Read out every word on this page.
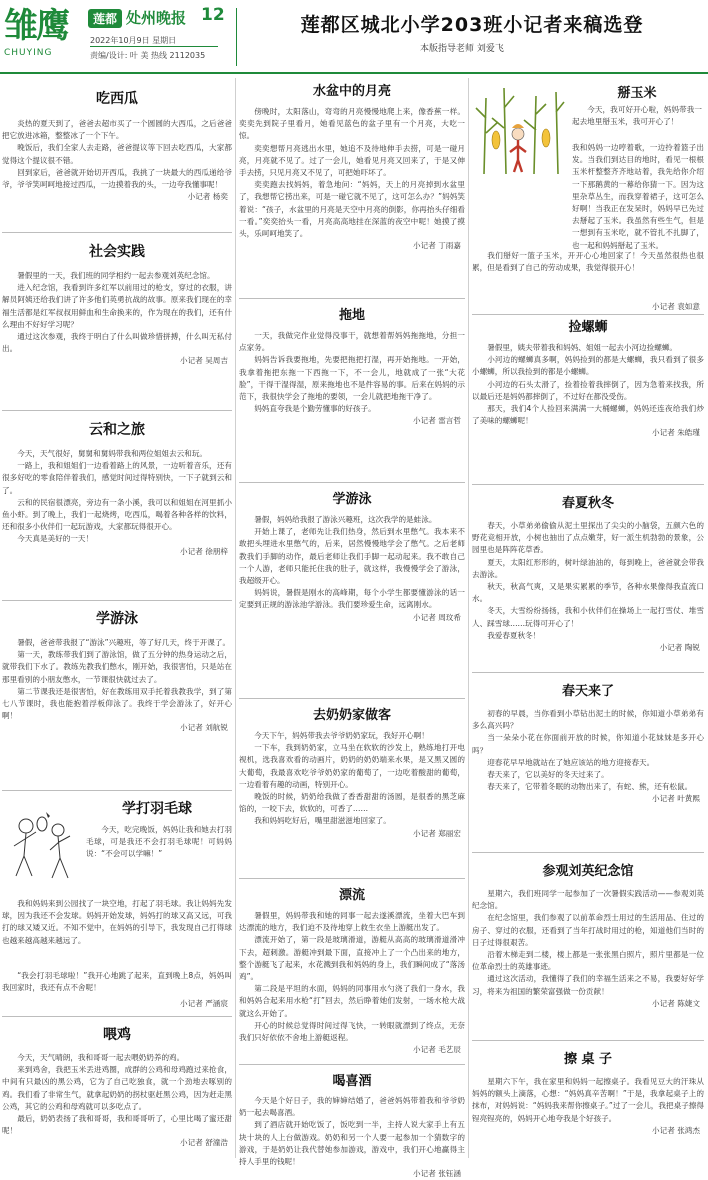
雏鹰
CHUYING
莲都 处州晚报 12
2022年10月9日 星期日
责编/设计: 叶 美 热线 2112035
莲都区城北小学203班小记者来稿选登
本版指导老师 刘爱飞
吃西瓜
炎热的夏天到了，爸爸去超市买了一个圆圆的大西瓜，之后爸爸把它放进冰箱，整整冰了一个下午。
晚饭后，我们全家人去走路，爸爸提议等下回去吃西瓜，大家都觉得这个提议很不错。
回到家后，爸爸就开始切开西瓜，我挑了一块最大的西瓜递给爷爷，爷爷笑呵呵地接过西瓜，一边摸着我的头，一边夸我懂事呢！
小记者 杨奕
社会实践
暑假里的一天，我们班的同学相约一起去参观刘英纪念馆。
进入纪念馆，我看到许多红军以前用过的枪支，穿过的衣服，讲解员阿姨还给我们讲了许多他们英勇抗战的故事。原来我们现在的幸福生活都是红军叔叔用鲜血和生命换来的，作为现在的我们，还有什么理由不好好学习呢？
通过这次参观，我终于明白了什么叫做珍惜拼搏，什么叫无私付出。
小记者 吴周吉
云和之旅
今天，天气很好，舅舅和舅妈带我和两位姐姐去云和玩。
一路上，我和姐姐们一边看着路上的风景，一边听着音乐，还有很多好吃的零食陪伴着我们，感觉时间过得特别快，一下子就到云和了。
云和的民宿很漂亮，旁边有一条小溪，我可以和姐姐在河里抓小鱼小虾。到了晚上，我们一起烧烤，吃西瓜，喝着各种各样的饮料，还和很多小伙伴们一起玩游戏，大家都玩得很开心。
今天真是美好的一天！
小记者 徐朋梓
学游泳
暑假，爸爸带我报了“游泳”兴趣班，等了好几天，终于开课了。
第一天，教练带我们到了游泳馆，做了五分钟的热身运动之后，就带我们下水了。教练先教我们憋水，刚开始，我很害怕，只是站在那里看别的小朋友憋水，一节课很快就过去了。
第二节课我还是很害怕，好在教练用双手托着我教我学，到了第七八节课时，我也能抱着浮板仰泳了。我终于学会游泳了，好开心啊！
小记者 刘航锐
学打羽毛球
今天，吃完晚饭，妈妈让我和她去打羽毛球，可是我还不会打羽毛球呢！可妈妈说：“不会可以学嘛！”
我和妈妈来到公园找了一块空地，打起了羽毛球。我让妈妈先发球，因为我还不会发球。妈妈开始发球，妈妈打的球又高又远，可我打的球又矮又近。不知不觉中，在妈妈的引导下，我发现自己打得球也越来越高越来越远了。
“我会打羽毛球啦！”我开心地跳了起来，直到晚上8点，妈妈叫我回家时，我还有点不舍呢！
小记者 严涵宸
喂鸡
今天，天气晴朗，我和哥哥一起去喂奶奶养的鸡。
来到鸡舍，我把玉米丢进鸡圈，成群的公鸡和母鸡跑过来抢食，中间有只最凶的黑公鸡，它为了自己吃独食，就一个劲地去啄别的鸡。我们看了非常生气，就拿起奶奶的拐杖驱赶黑公鸡，因为赶走黑公鸡，其它的公鸡和母鸡就可以多吃点了。
最后，奶奶表扬了我和哥哥，我和哥哥听了，心里比喝了蜜还甜呢！
小记者 舒潼浩
水盆中的月亮
傍晚时，太阳落山，弯弯的月亮慢慢地爬上来，像香蕉一样。奕奕先到院子里看月，她看见蓝色的盆子里有一个月亮，大吃一惊。
奕奕想帮月亮逃出水里，她追不及待地伸手去捞，可是一碰月亮，月亮就不见了。过了一会儿，她看见月亮又回来了，于是又伸手去捞，只见月亮又不见了，可把她吓坏了。
奕奕跑去找妈妈，着急地问：“妈妈，天上的月亮掉到水盆里了，我想帮它捞出来，可是一碰它就不见了，这可怎么办？”妈妈笑着说：“孩子，水盆里的月亮是天空中月亮的倒影，你再抬头仔细看一看。”奕奕抬头一看，月亮高高地挂在深蓝的夜空中呢！她摸了摸头，乐呵呵地笑了。
小记者 丁雨嘉
拖地
一天，我做完作业觉得没事干，就想着帮妈妈拖拖地，分担一点家务。
妈妈告诉我要拖地，先要把拖把打湿，再开始拖地。一开始，我拿着拖把东拖一下西拖一下，不一会儿，地就成了一张“大花脸”，干得干湿得湿，原来拖地也不是件容易的事。后来在妈妈的示范下，我很快学会了拖地的要领，一会儿就把地拖干净了。
妈妈直夸我是个勤劳懂事的好孩子。
小记者 雷言哲
学游泳
暑假，妈妈给我报了游泳兴趣班，这次我学的是蛙泳。
开始上课了，老师先让我们热身，然后到水里憋气。我本来不敢把头埋进水里憋气的，后来，居然慢慢地学会了憋气。之后老师教我们手脚的动作，最后老师让我们手脚一起动起来。我不敢自己一个人游，老师只能托住我的肚子，就这样，我慢慢学会了游泳，我超级开心。
妈妈说，暑假是刚水的高峰期，每个小学生都要懂游泳的话一定要到正规的游泳池学游泳。我们要珍爱生命，远离刚水。
小记者 周玟希
去奶奶家做客
今天下午，妈妈带我去爷爷奶奶家玩，我好开心啊！
一下车，我到奶奶家，立马坐在软软的沙发上，熟练地打开电视机，选我喜欢看的动画片，奶奶的奶奶端来水果，是又黑又圆的大葡萄，我最喜欢吃爷爷奶奶家的葡萄了，一边吃着酸甜的葡萄，一边看着有趣的动画，特别开心。
晚饭的时候，奶奶给我做了香香甜甜的汤圆，是很香的黑芝麻馅的，一咬下去，软软的，可香了……
我和妈妈吃好后，嘴里甜滋滋地回家了。
小记者 郑丽宏
漂流
暑假里，妈妈带我和她的同事一起去遂溪漂流，坐着大巴车到达漂流的地方，我们迫不及待地穿上救生衣坐上游艇出发了。
漂流开始了，第一段是玻璃滑道，游艇从高高的玻璃滑道滑冲下去，超刺激。游艇冲到最下面，直接冲上了一个凸出来的地方，整个游艇飞了起来，水花溅到我和妈妈的身上，我们瞬间成了“落汤鸡”。
第二段是平坦的水面，妈妈的同事用水勺浇了我们一身水，我和妈妈合起来用水枪“打”回去，然后睁着她们发射，一场水枪大战就这么开始了。
开心的时候总觉得时间过得飞快，一转眼就漂到了终点，无奈我们只好依依不舍地上游艇返程。
小记者 毛艺辰
喝喜酒
今天是个好日子，我的婶婶结婚了，爸爸妈妈带着我和爷爷奶奶一起去喝喜酒。
到了酒店就开始吃饭了，饭吃到一半，主持人说大家手上有五块十块的人上台做游戏。奶奶和另一个人要一起参加一个猜数字的游戏，于是奶奶让我代替她参加游戏，游戏中，我们开心地赢得主持人手里的钱呢！
小记者 张钰涵
掰玉米
今天，我可好开心啦，妈妈带我一起去地里掰玉米，我可开心了！
我和妈妈一边哼着歌，一边拎着篮子出发。当我们到达目的地时，看见一根根玉米杆整整齐齐地站着，我先给你介绍一下那鹅黄的一幕给你猜一下。因为这里杂草丛生，而我穿着裙子，这可怎么好啊！当我正在发呆时，妈妈早已先过去掰起了玉米。我虽然有些生气，但是一想到有玉米吃，就不管扎不扎脚了，也一起和妈妈掰起了玉米。
我们掰好一篮子玉米，开开心心地回家了！今天虽然很热也很累，但是看到了自己的劳动成果，我觉得很开心！
小记者 袁如意
捡螺蛳
暑假里，姨夫带着我和妈妈、姐姐一起去小河边捡螺蛳。
小河边的螺蛳真多啊，妈妈捡到的都是大螺蛳，我只看到了很多小螺蛳，所以我捡到的都是小螺蛳。
小河边的石头太滑了，捡着捡着我摔倒了，因为急着来找我，所以最后还是妈妈都摔倒了，不过好在都没受伤。
那天，我们4个人捡回来满满一大桶螺蛳，妈妈还连夜给我们炒了美味的螺蛳呢！
小记者 朱皓瑾
春夏秋冬
春天，小草弟弟偷偷从泥土里探出了尖尖的小脑袋，五颜六色的野花竞相开放，小树也抽出了点点嫩芽，好一派生机勃勃的景象，公园里也是阵阵花草香。
夏天，太阳红形形的，树叶绿油油的，每到晚上，爸爸就会带我去游泳。
秋天，秋高气爽，又是果实累累的季节，各种水果像得我直流口水。
冬天，大雪纷纷扬扬，我和小伙伴们在操场上一起打雪仗、堆雪人、踩雪球……玩得可开心了！
我爱春夏秋冬！
小记者 陶锐
春天来了
初春的早晨，当你看到小草钻出泥土的时候，你知道小草弟弟有多么高兴吗？
当一朵朵小花在你面前开放的时候，你知道小花妹妹是多开心吗？
迎春花早早地就站在了她应该站的地方迎接春天。
春天来了，它以美好的冬天过来了。
春天来了，它带着冬眠的动物出来了，有蛇、熊，还有松鼠。
小记者 叶黄熙
参观刘英纪念馆
星期六，我们班同学一起参加了一次暑假实践活动——参观刘英纪念馆。
在纪念馆里，我们参观了以前革命烈士用过的生活用品、住过的房子、穿过的衣服，还看到了当年打战时用过的枪，知道他们当时的日子过得很艰苦。
沿着木梯走到二楼，楼上都是一张张黑白照片，照片里都是一位位革命烈士的英雄事迹。
通过这次活动，我懂得了我们的幸福生活来之不易，我要好好学习，将来为祖国的繁荣富强做一份贡献！
小记者 陈婕文
擦 桌 子
星期六下午，我在家里和妈妈一起擦桌子。我看见豆大的汗珠从妈妈的额头上滴落，心想：“妈妈真辛苦啊！”于是，我拿起桌子上的抹布，对妈妈说：“妈妈我来帮你擦桌子。”过了一会儿，我把桌子擦得锃亮锃亮的，妈妈开心地夸我是个好孩子。
小记者 张鸿杰
